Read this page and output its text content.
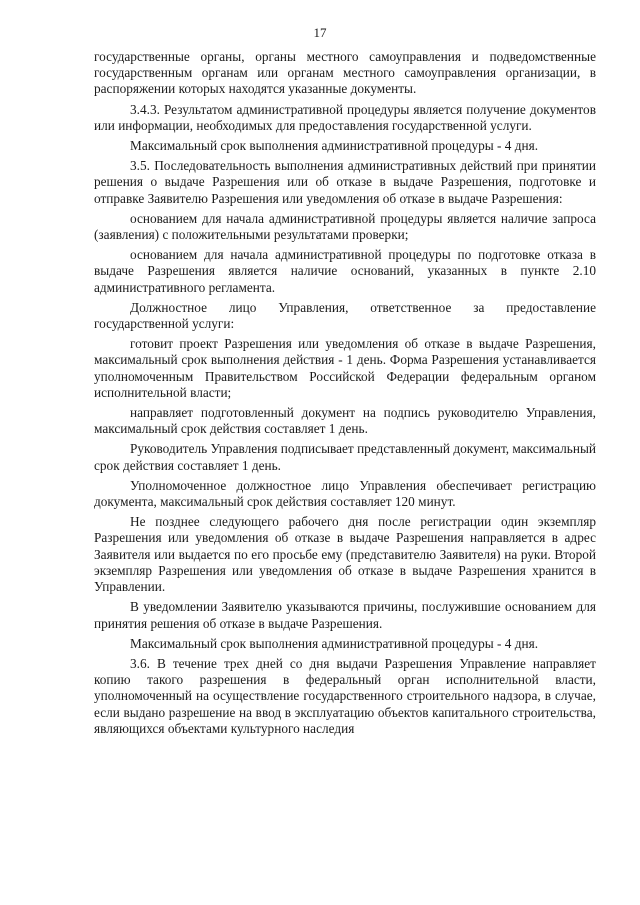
17

государственные органы, органы местного самоуправления и подведомственные государственным органам или органам местного самоуправления организации, в распоряжении которых находятся указанные документы.

3.4.3. Результатом административной процедуры является получение документов или информации, необходимых для предоставления государственной услуги.

Максимальный срок выполнения административной процедуры - 4 дня.

3.5. Последовательность выполнения административных действий при принятии решения о выдаче Разрешения или об отказе в выдаче Разрешения, подготовке и отправке Заявителю Разрешения или уведомления об отказе в выдаче Разрешения:

основанием для начала административной процедуры является наличие запроса (заявления) с положительными результатами проверки;

основанием для начала административной процедуры по подготовке отказа в выдаче Разрешения является наличие оснований, указанных в пункте 2.10 административного регламента.

Должностное лицо Управления, ответственное за предоставление государственной услуги:

готовит проект Разрешения или уведомления об отказе в выдаче Разрешения, максимальный срок выполнения действия - 1 день. Форма Разрешения устанавливается уполномоченным Правительством Российской Федерации федеральным органом исполнительной власти;

направляет подготовленный документ на подпись руководителю Управления, максимальный срок действия составляет 1 день.

Руководитель Управления подписывает представленный документ, максимальный срок действия составляет 1 день.

Уполномоченное должностное лицо Управления обеспечивает регистрацию документа, максимальный срок действия составляет 120 минут.

Не позднее следующего рабочего дня после регистрации один экземпляр Разрешения или уведомления об отказе в выдаче Разрешения направляется в адрес Заявителя или выдается по его просьбе ему (представителю Заявителя) на руки. Второй экземпляр Разрешения или уведомления об отказе в выдаче Разрешения хранится в Управлении.

В уведомлении Заявителю указываются причины, послужившие основанием для принятия решения об отказе в выдаче Разрешения.

Максимальный срок выполнения административной процедуры - 4 дня.

3.6. В течение трех дней со дня выдачи Разрешения Управление направляет копию такого разрешения в федеральный орган исполнительной власти, уполномоченный на осуществление государственного строительного надзора, в случае, если выдано разрешение на ввод в эксплуатацию объектов капитального строительства, являющихся объектами культурного наследия
